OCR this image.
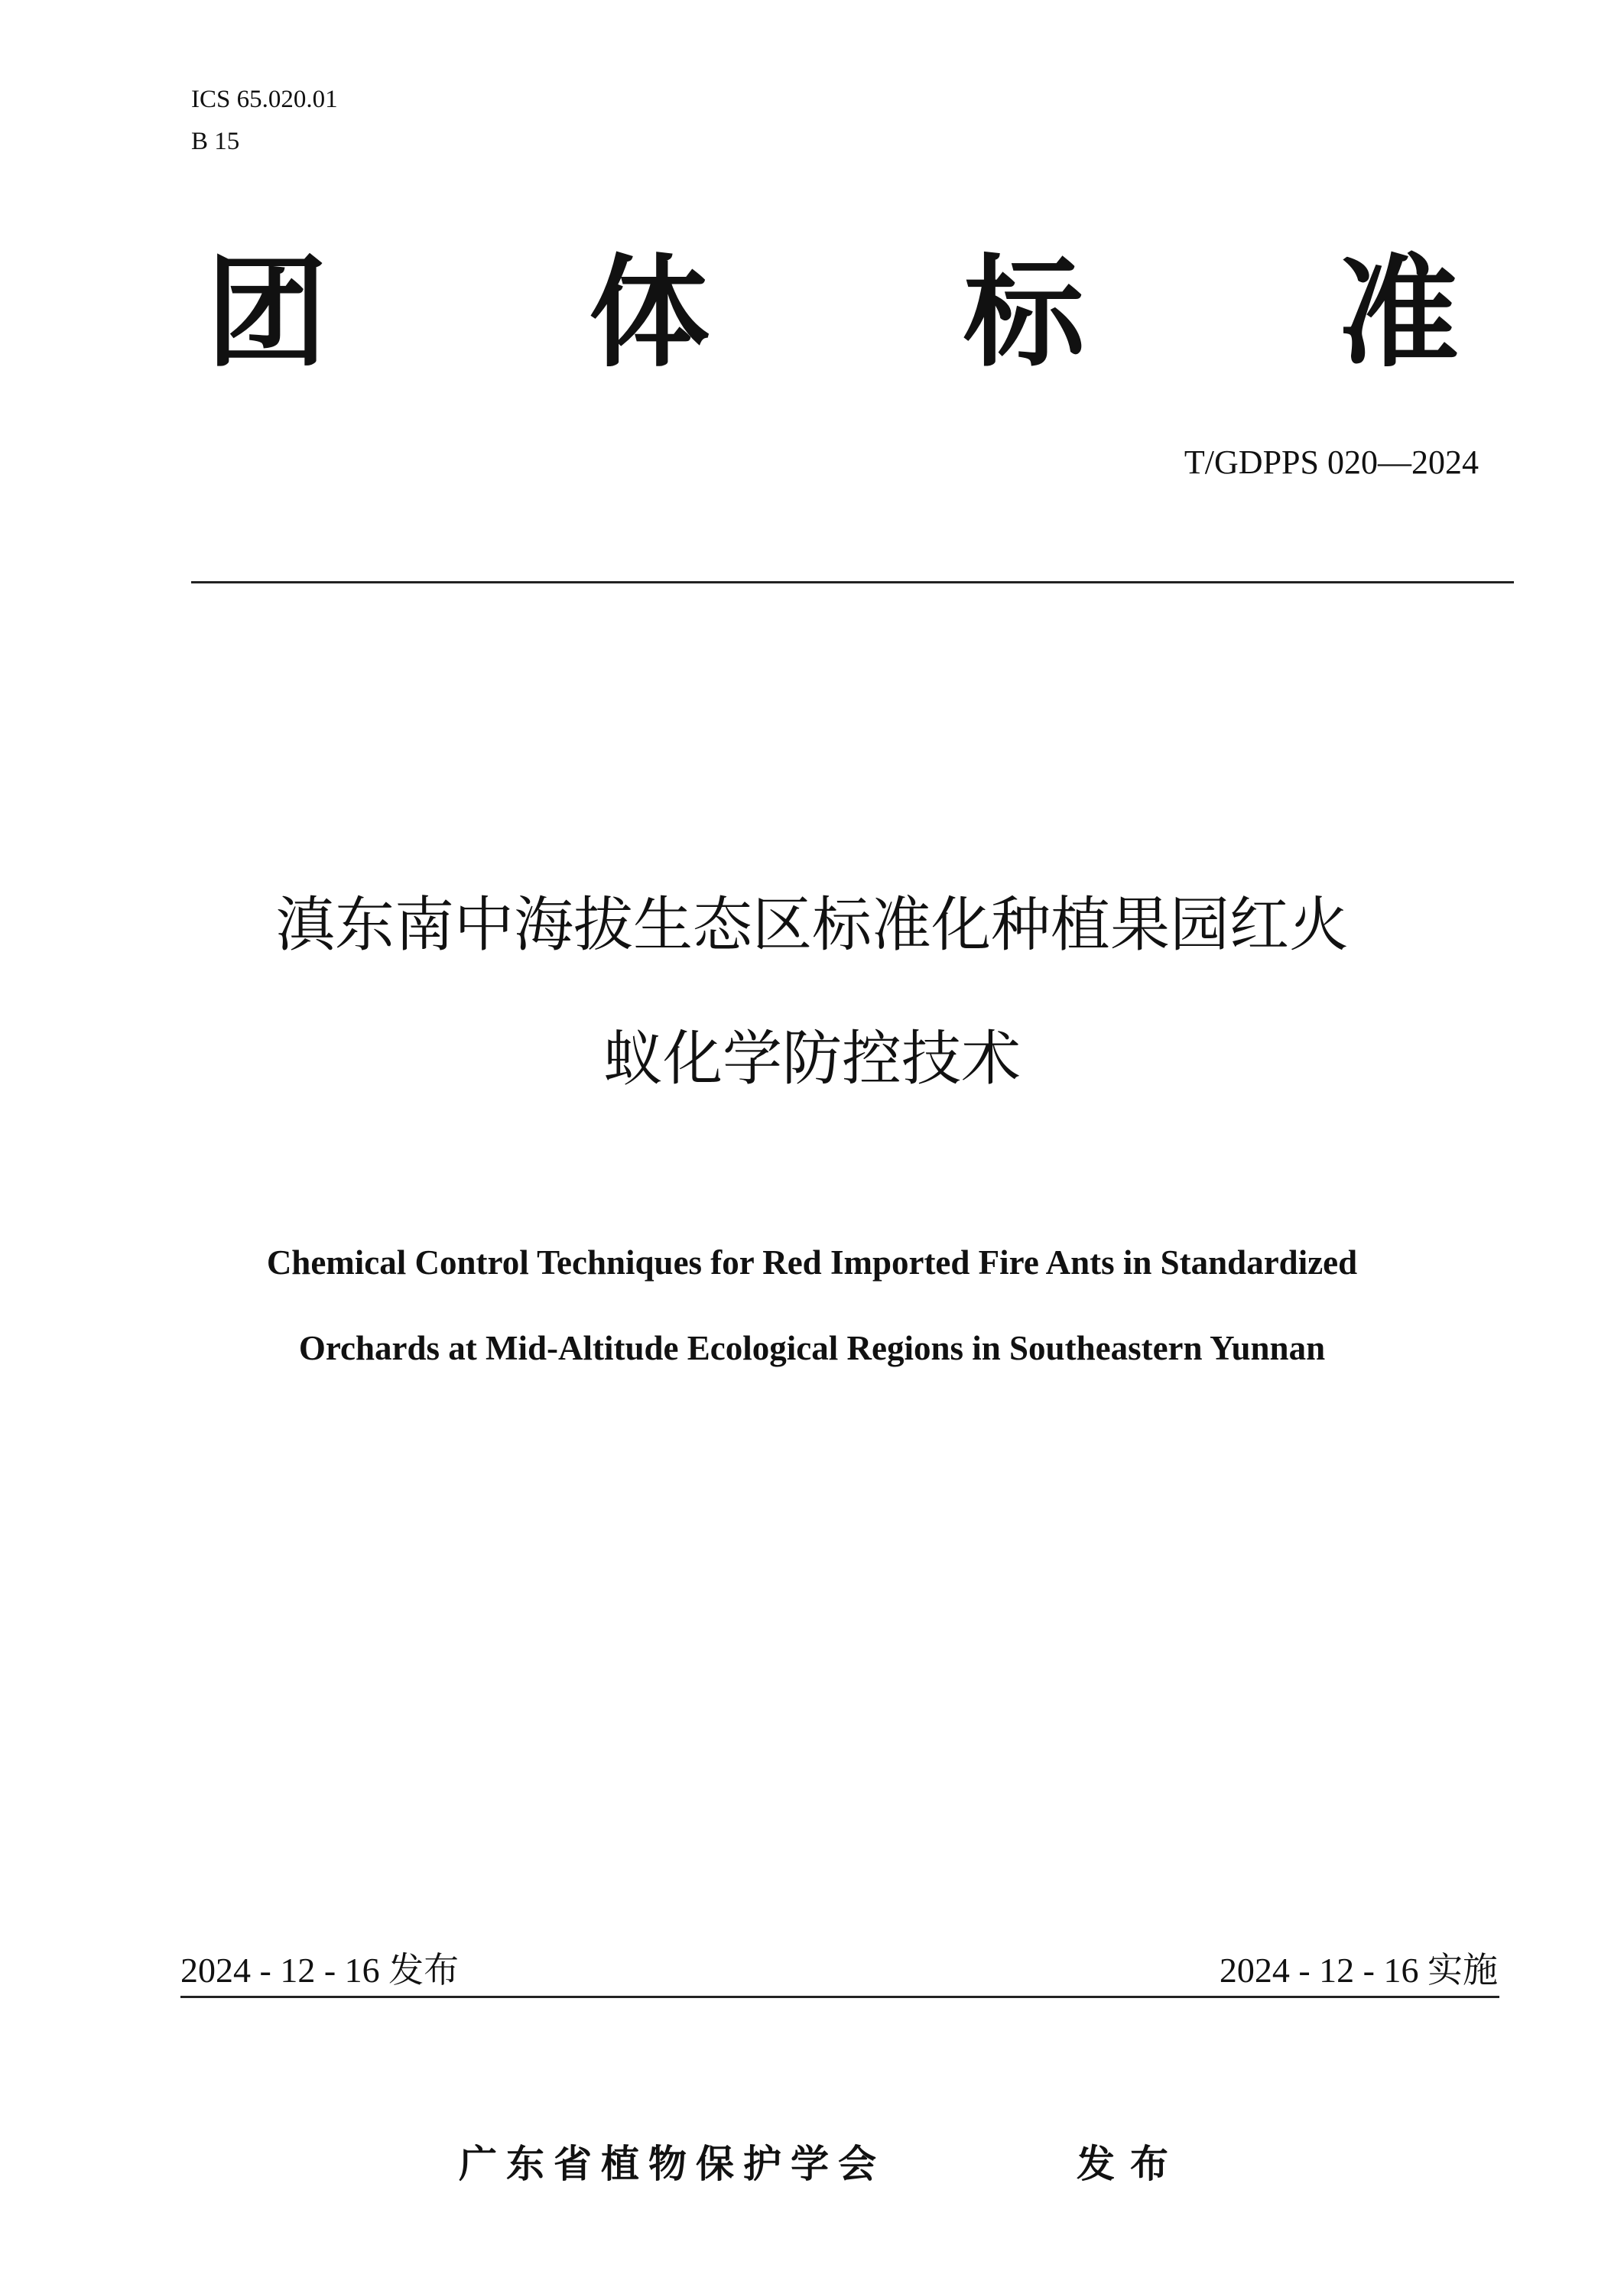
ICS 65.020.01
B 15
团 体 标 准
T/GDPPS 020—2024
滇东南中海拔生态区标准化种植果园红火
蚁化学防控技术
Chemical Control Techniques for Red Imported Fire Ants in Standardized
Orchards at Mid-Altitude Ecological Regions in Southeastern Yunnan
2024 - 12 - 16 发布	2024 - 12 - 16 实施
广东省植物保护学会	发布
